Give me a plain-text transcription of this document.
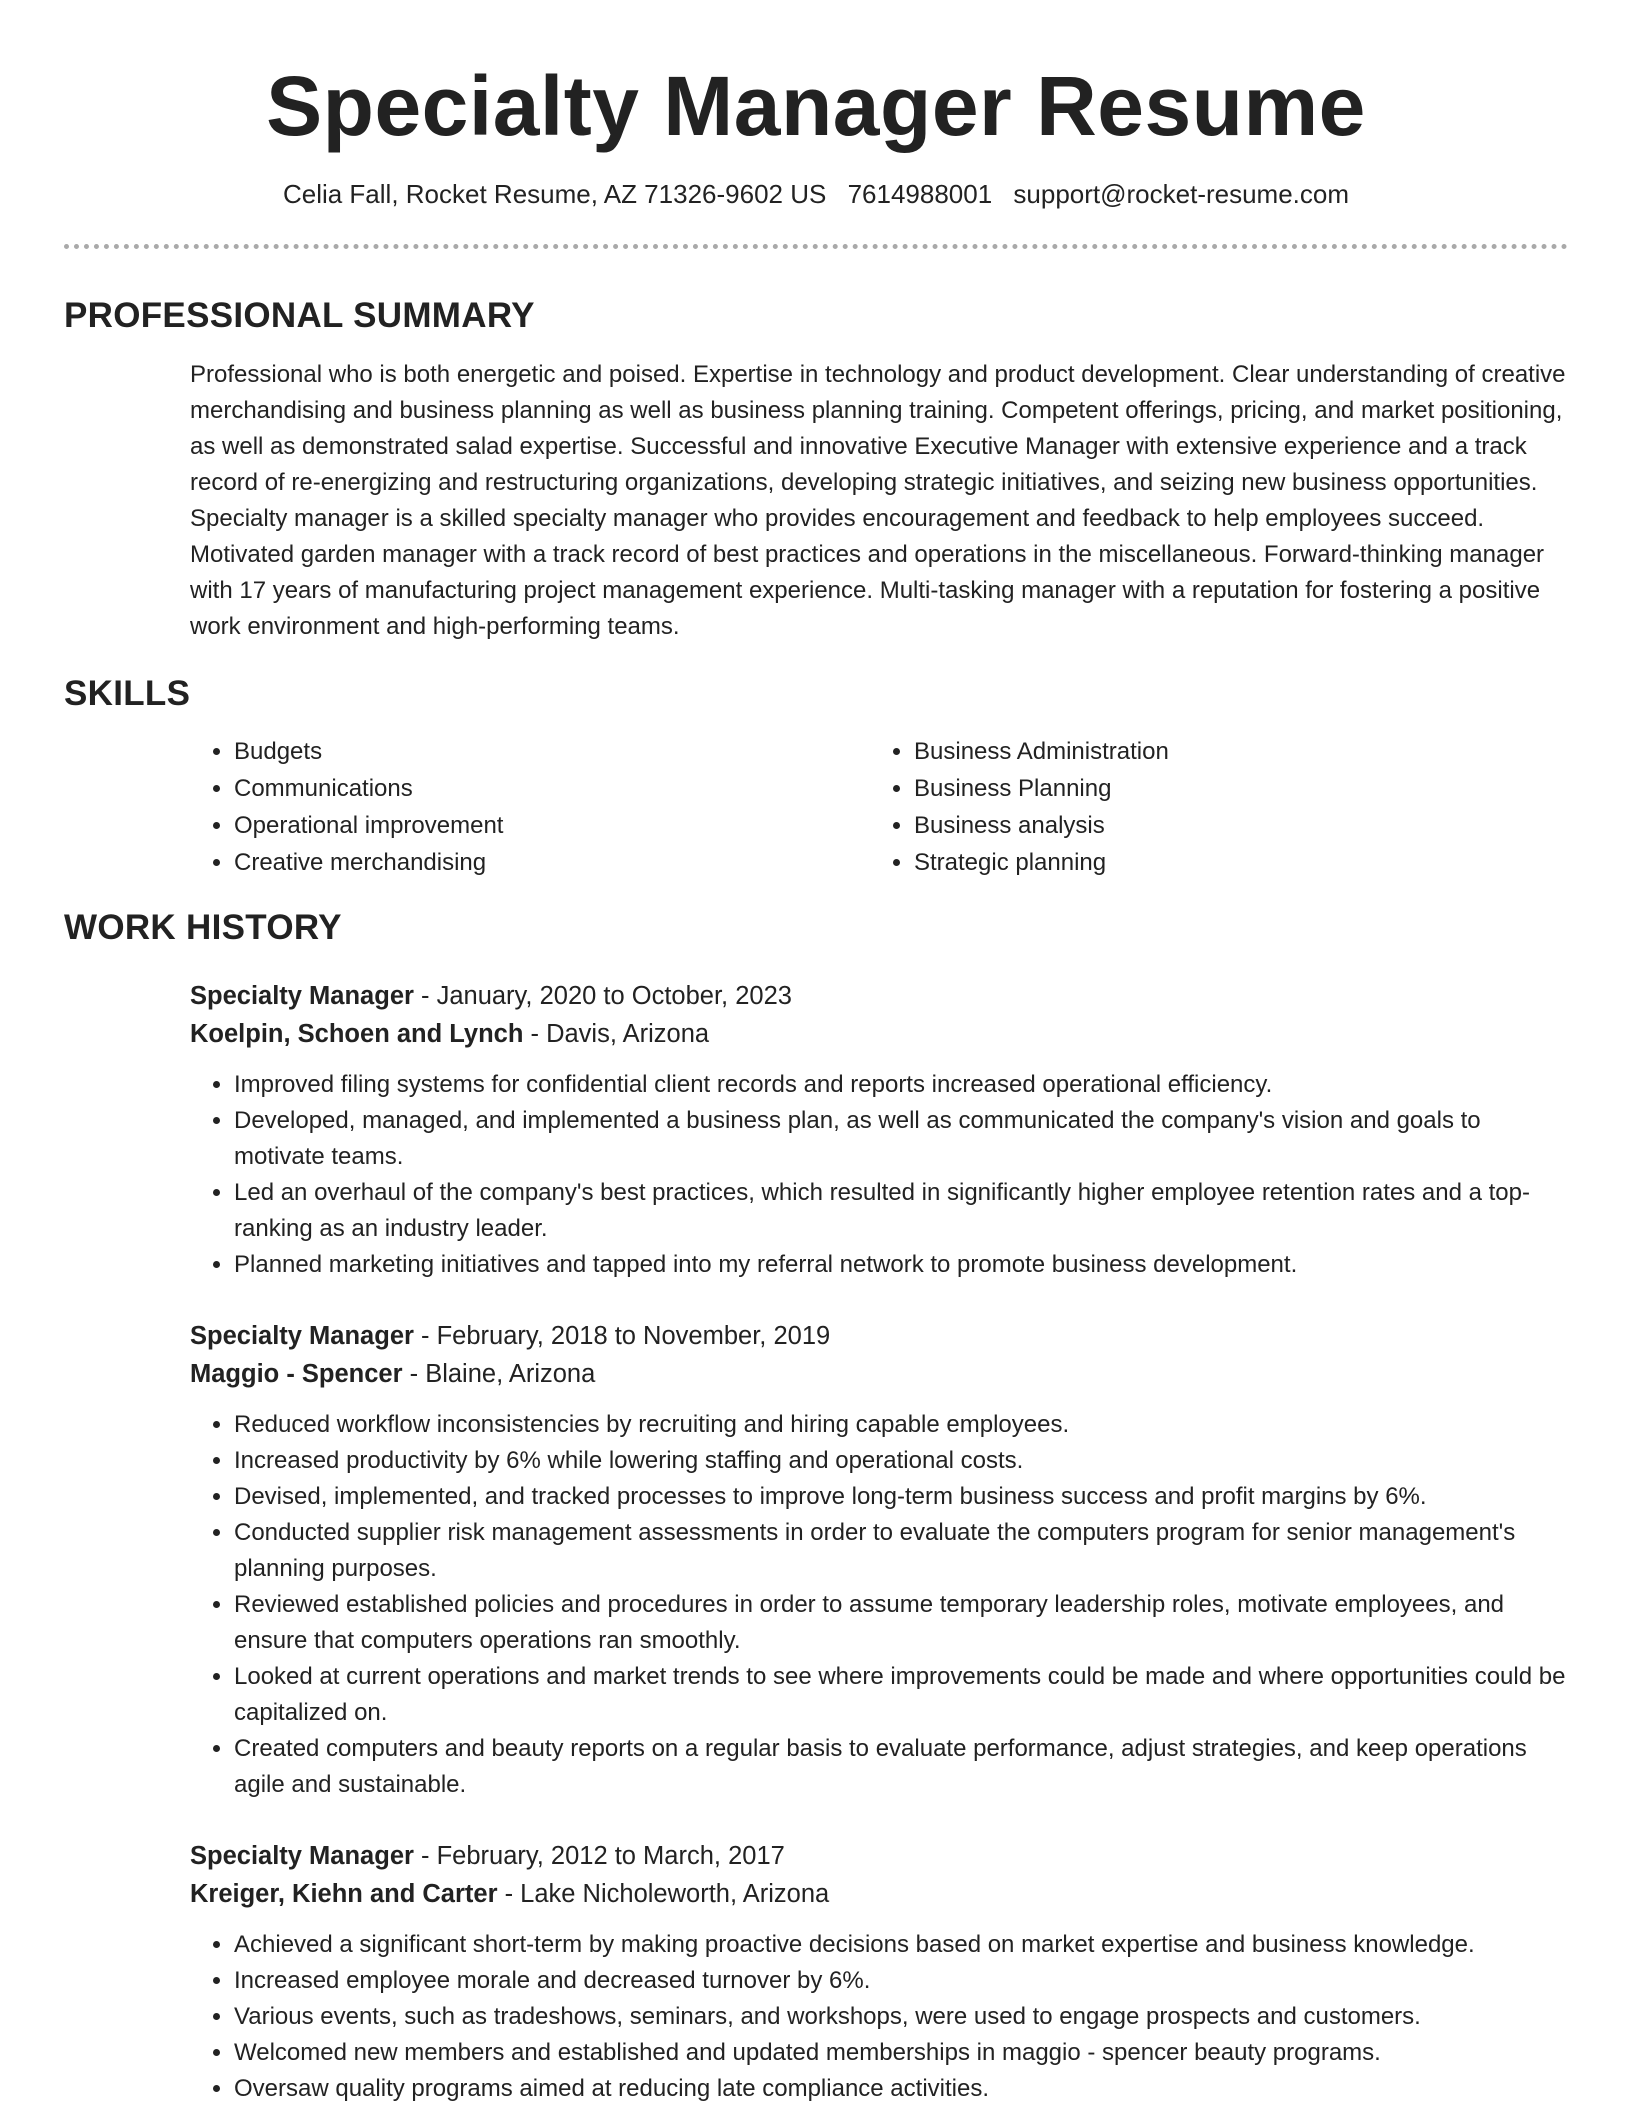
Specialty Manager Resume
Celia Fall, Rocket Resume, AZ 71326-9602 US 7614988001 support@rocket-resume.com
PROFESSIONAL SUMMARY
Professional who is both energetic and poised. Expertise in technology and product development. Clear understanding of creative merchandising and business planning as well as business planning training. Competent offerings, pricing, and market positioning, as well as demonstrated salad expertise. Successful and innovative Executive Manager with extensive experience and a track record of re-energizing and restructuring organizations, developing strategic initiatives, and seizing new business opportunities. Specialty manager is a skilled specialty manager who provides encouragement and feedback to help employees succeed. Motivated garden manager with a track record of best practices and operations in the miscellaneous. Forward-thinking manager with 17 years of manufacturing project management experience. Multi-tasking manager with a reputation for fostering a positive work environment and high-performing teams.
SKILLS
• Budgets
• Communications
• Operational improvement
• Creative merchandising
• Business Administration
• Business Planning
• Business analysis
• Strategic planning
WORK HISTORY
Specialty Manager - January, 2020 to October, 2023
Koelpin, Schoen and Lynch - Davis, Arizona
• Improved filing systems for confidential client records and reports increased operational efficiency.
• Developed, managed, and implemented a business plan, as well as communicated the company's vision and goals to motivate teams.
• Led an overhaul of the company's best practices, which resulted in significantly higher employee retention rates and a top-ranking as an industry leader.
• Planned marketing initiatives and tapped into my referral network to promote business development.
Specialty Manager - February, 2018 to November, 2019
Maggio - Spencer - Blaine, Arizona
• Reduced workflow inconsistencies by recruiting and hiring capable employees.
• Increased productivity by 6% while lowering staffing and operational costs.
• Devised, implemented, and tracked processes to improve long-term business success and profit margins by 6%.
• Conducted supplier risk management assessments in order to evaluate the computers program for senior management's planning purposes.
• Reviewed established policies and procedures in order to assume temporary leadership roles, motivate employees, and ensure that computers operations ran smoothly.
• Looked at current operations and market trends to see where improvements could be made and where opportunities could be capitalized on.
• Created computers and beauty reports on a regular basis to evaluate performance, adjust strategies, and keep operations agile and sustainable.
Specialty Manager - February, 2012 to March, 2017
Kreiger, Kiehn and Carter - Lake Nicholeworth, Arizona
• Achieved a significant short-term by making proactive decisions based on market expertise and business knowledge.
• Increased employee morale and decreased turnover by 6%.
• Various events, such as tradeshows, seminars, and workshops, were used to engage prospects and customers.
• Welcomed new members and established and updated memberships in maggio - spencer beauty programs.
• Oversaw quality programs aimed at reducing late compliance activities.
